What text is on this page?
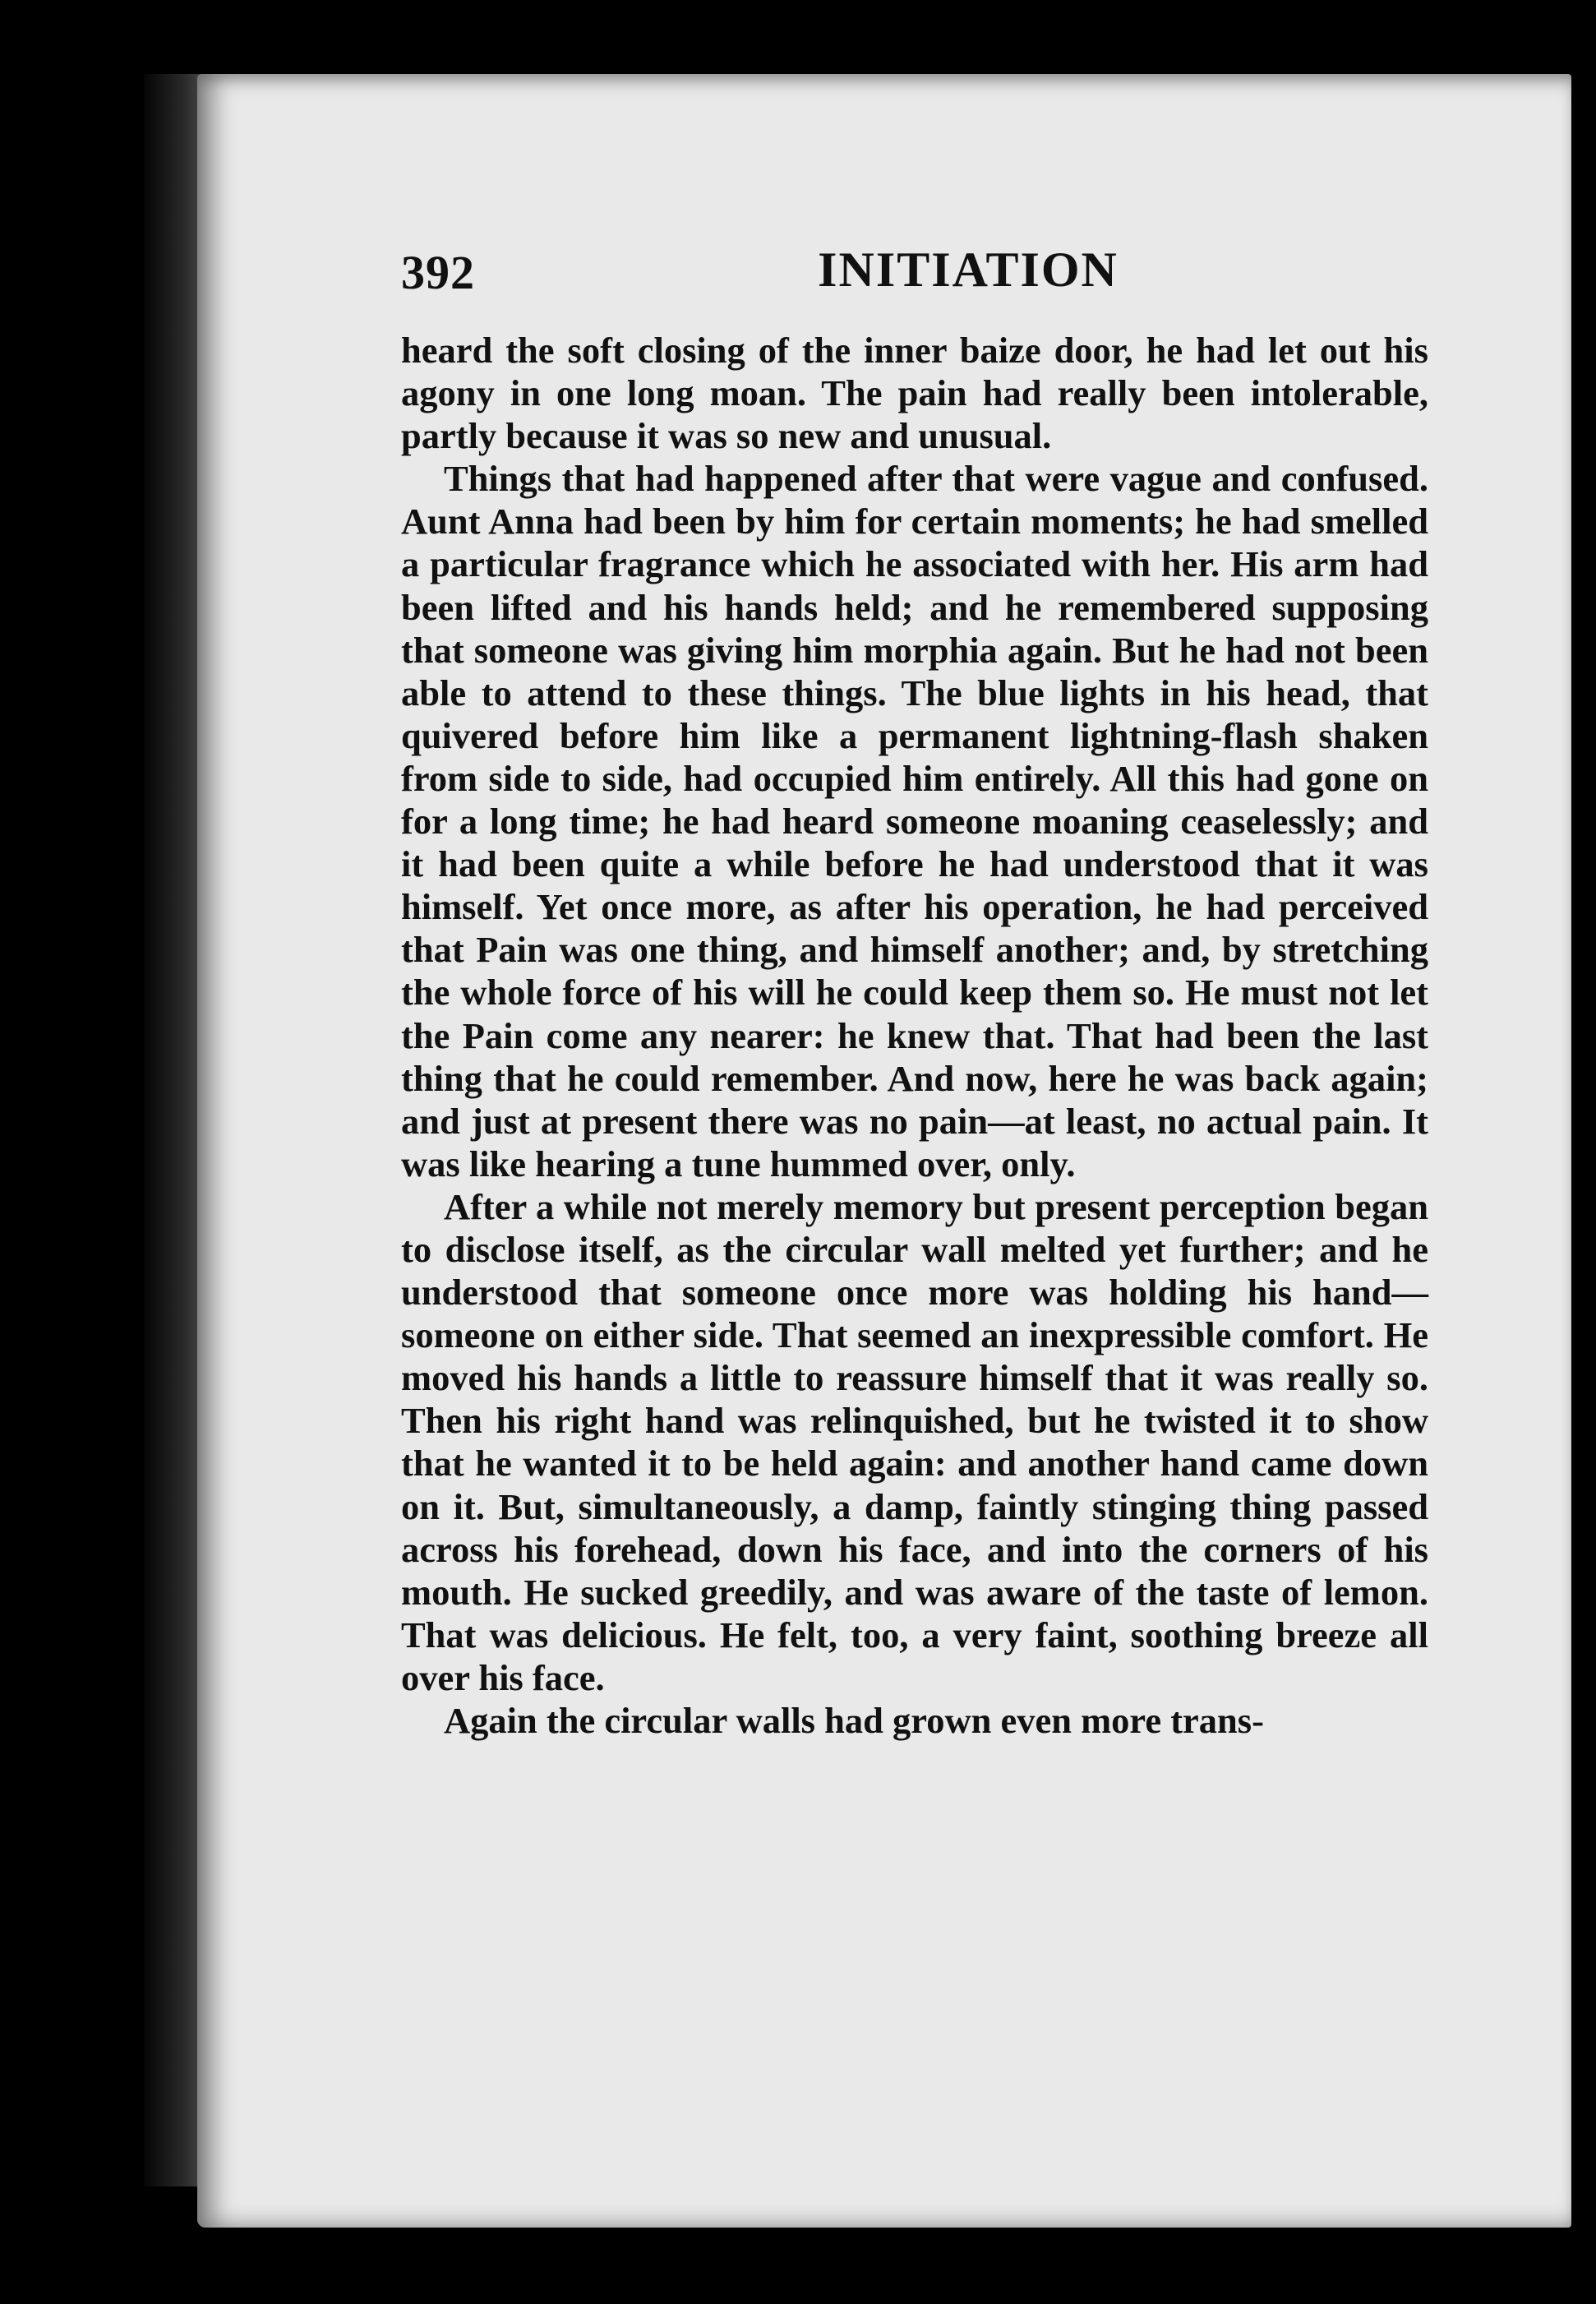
392	INITIATION

heard the soft closing of the inner baize door, he had let out his agony in one long moan. The pain had really been intolerable, partly because it was so new and unusual.

Things that had happened after that were vague and confused. Aunt Anna had been by him for certain moments; he had smelled a particular fragrance which he associated with her. His arm had been lifted and his hands held; and he remembered supposing that someone was giving him morphia again. But he had not been able to attend to these things. The blue lights in his head, that quivered before him like a permanent lightning-flash shaken from side to side, had occupied him entirely. All this had gone on for a long time; he had heard someone moaning ceaselessly; and it had been quite a while before he had understood that it was himself. Yet once more, as after his operation, he had perceived that Pain was one thing, and himself another; and, by stretching the whole force of his will he could keep them so. He must not let the Pain come any nearer: he knew that. That had been the last thing that he could remember. And now, here he was back again; and just at present there was no pain—at least, no actual pain. It was like hearing a tune hummed over, only.

After a while not merely memory but present perception began to disclose itself, as the circular wall melted yet further; and he understood that someone once more was holding his hand—someone on either side. That seemed an inexpressible comfort. He moved his hands a little to reassure himself that it was really so. Then his right hand was relinquished, but he twisted it to show that he wanted it to be held again: and another hand came down on it. But, simultaneously, a damp, faintly stinging thing passed across his forehead, down his face, and into the corners of his mouth. He sucked greedily, and was aware of the taste of lemon. That was delicious. He felt, too, a very faint, soothing breeze all over his face.

Again the circular walls had grown even more trans-
